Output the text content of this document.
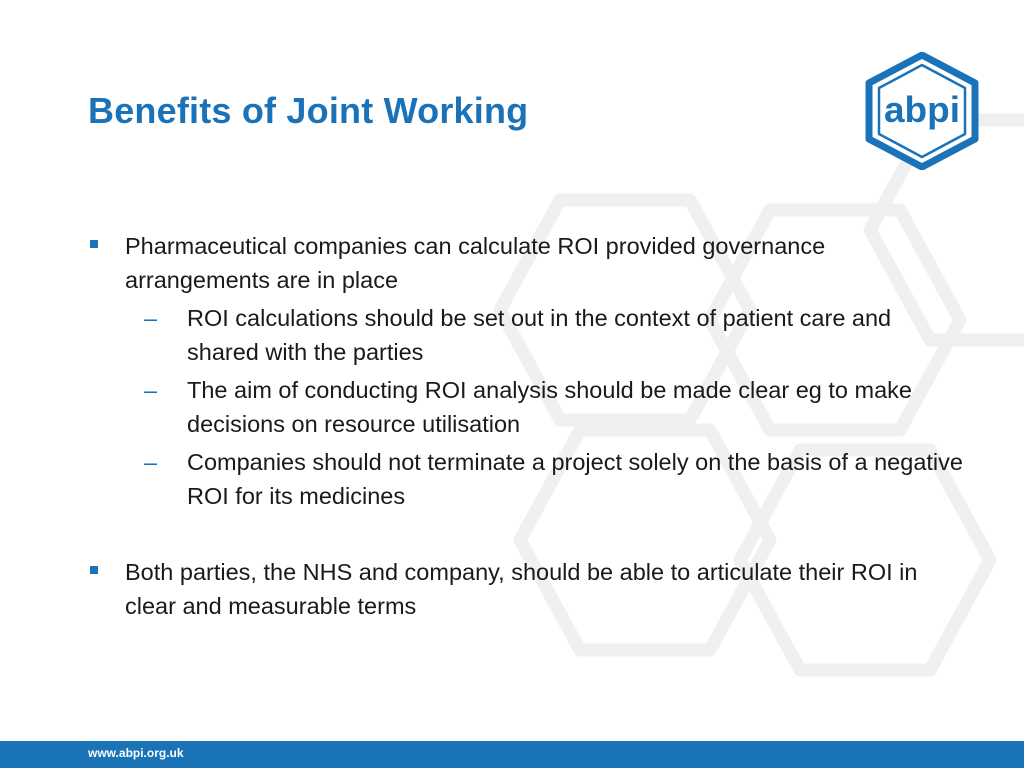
Benefits of Joint Working	abpi
Pharmaceutical companies can calculate ROI provided governance arrangements are in place
– ROI calculations should be set out in the context of patient care and shared with the parties
– The aim of conducting ROI analysis should be made clear eg to make decisions on resource utilisation
– Companies should not terminate a project solely on the basis of a negative ROI for its medicines
Both parties, the NHS and company, should be able to articulate their ROI in clear and measurable terms
www.abpi.org.uk
